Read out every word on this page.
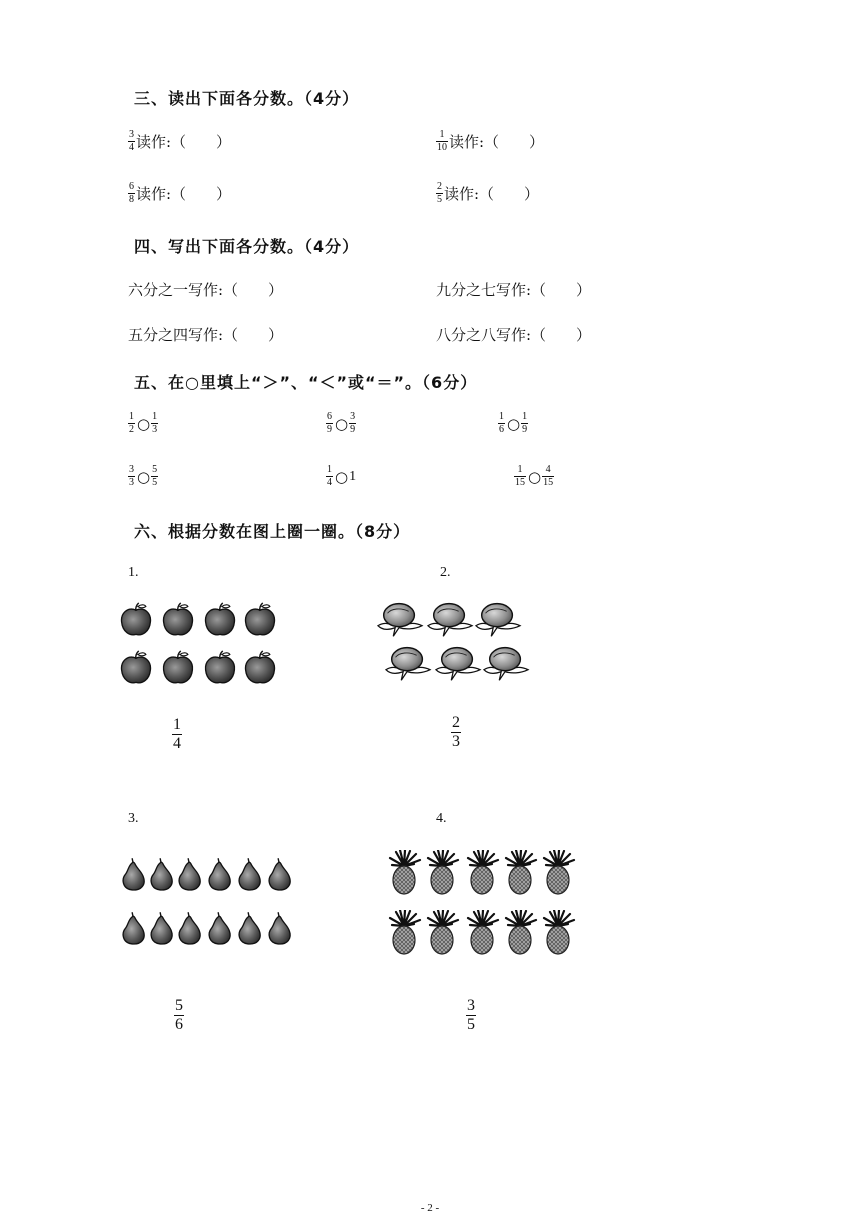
三、读出下面各分数。（4分）
$\frac{3}{4}$ 读作:（　　）	$\frac{1}{10}$ 读作:（　　）
$\frac{6}{8}$ 读作:（　　）	$\frac{2}{5}$ 读作:（　　）
四、写出下面各分数。（4分）
六分之一写作:（　　）	九分之七写作:（　　）
五分之四写作:（　　）	八分之八写作:（　　）
五、在○里填上“＞”、“＜”或“＝”。（6分）
$\frac{1}{2}$ ○ $\frac{1}{3}$	$\frac{6}{9}$ ○ $\frac{3}{9}$	$\frac{1}{6}$ ○ $\frac{1}{9}$
$\frac{3}{3}$ ○ $\frac{5}{5}$	$\frac{1}{4}$ ○ 1	$\frac{1}{15}$ ○ $\frac{4}{15}$
六、根据分数在图上圈一圈。（8分）
1.	2.
3.	4.
$\frac{1}{4}$	$\frac{2}{3}$
$\frac{5}{6}$	$\frac{3}{5}$
- 2 -
